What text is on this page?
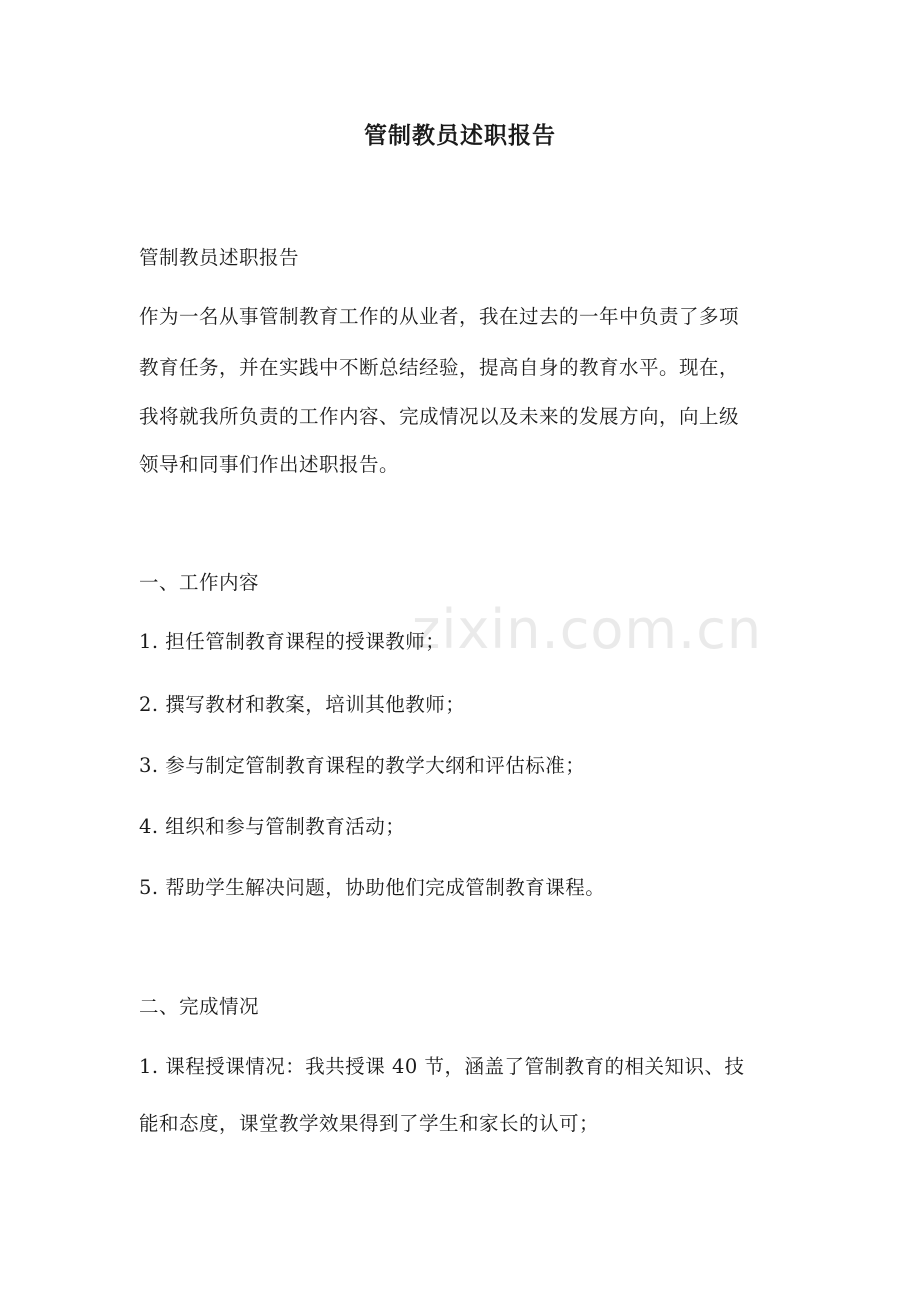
zixin.com.cn
管制教员述职报告
管制教员述职报告
作为一名从事管制教育工作的从业者，我在过去的一年中负责了多项
教育任务，并在实践中不断总结经验，提高自身的教育水平。现在，
我将就我所负责的工作内容、完成情况以及未来的发展方向，向上级
领导和同事们作出述职报告。
一、工作内容
1. 担任管制教育课程的授课教师；
2. 撰写教材和教案，培训其他教师；
3. 参与制定管制教育课程的教学大纲和评估标准；
4. 组织和参与管制教育活动；
5. 帮助学生解决问题，协助他们完成管制教育课程。
二、完成情况
1. 课程授课情况：我共授课 40 节，涵盖了管制教育的相关知识、技
能和态度，课堂教学效果得到了学生和家长的认可；
